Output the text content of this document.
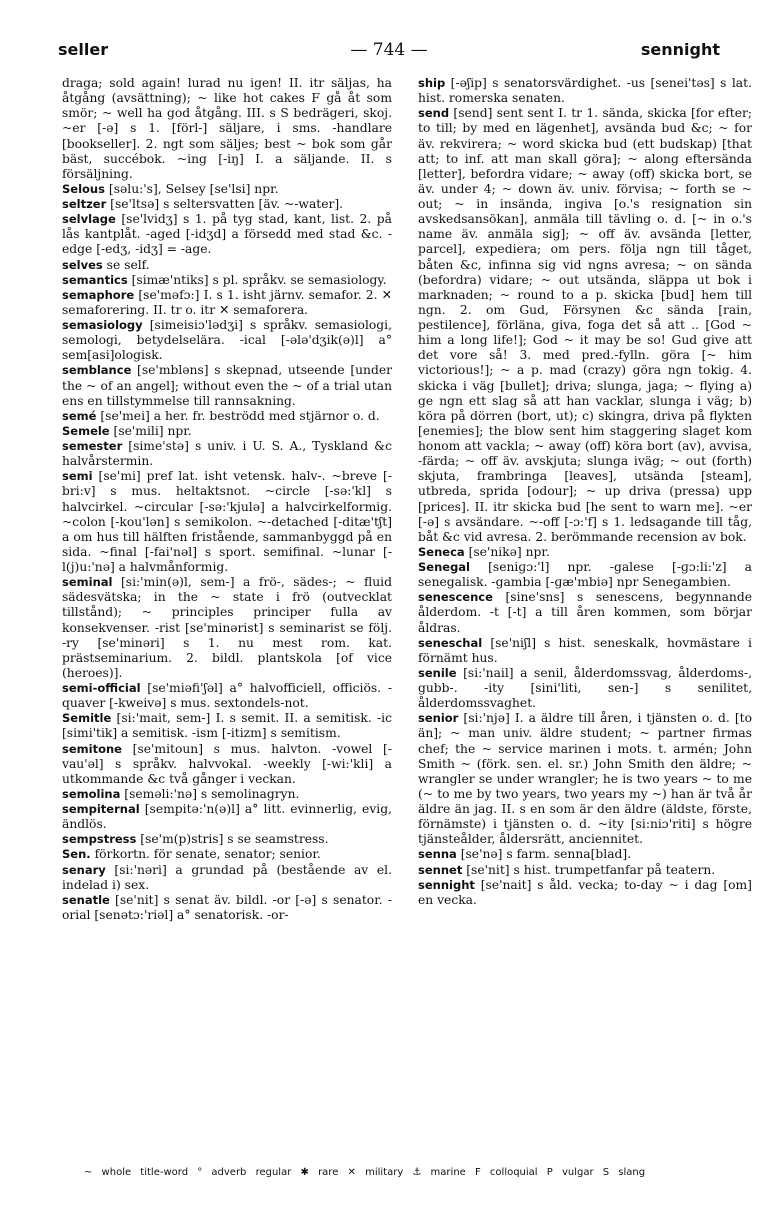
seller	— 744 —	sennight

draga; sold again! lurad nu igen! II. itr säljas, ha åtgång (avsättning); ~ like hot cakes F gå åt som smör; ~ well ha god åtgång. III. s S bedrägeri, skoj. ~er [-ə] s 1. [förl-] säljare, i sms. -handlare [bookseller]. 2. ngt som säljes; best ~ bok som går bäst, succébok. ~ing [-iŋ] I. a säljande. II. s försäljning.

Selous [səlu:'s], Selsey [se'lsi] npr.

seltzer [se'ltsə] s seltersvatten [äv. ~-water].

selvlage [se'lvidʒ] s 1. på tyg stad, kant, list. 2. på lås kantplåt. -aged [-idʒd] a försedd med stad &c. -edge [-edʒ, -idʒ] = -age.

selves se self.

semantics [simæ'ntiks] s pl. språkv. se semasiology.

semaphore [se'məfɔ:] I. s 1. isht järnv. semafor. 2. ✕ semaforering. II. tr o. itr ✕ semaforera.

semasiology [simeisiɔ'lədʒi] s språkv. semasiologi, semologi, betydelselära. -ical [-ələ'dʒik(ə)l] a° sem[asi]ologisk.

semblance [se'mbləns] s skepnad, utseende [under the ~ of an angel]; without even the ~ of a trial utan ens en tillstymmelse till rannsakning.

semé [se'mei] a her. fr. beströdd med stjärnor o. d.

Semele [se'mili] npr.

semester [sime'stə] s univ. i U. S. A., Tyskland &c halvårstermin.

semi [se'mi] pref lat. isht vetensk. halv-. ~breve [-bri:v] s mus. heltaktsnot. ~circle [-sə:'kl] s halvcirkel. ~circular [-sə:'kjulə] a halvcirkelformig. ~colon [-kou'lən] s semikolon. ~-detached [-ditæ'tʃt] a om hus till hälften fristående, sammanbyggd på en sida. ~final [-fai'nəl] s sport. semifinal. ~lunar [-l(j)u:'nə] a halvmånformig.

seminal [si:'min(ə)l, sem-] a frö-, sädes-; ~ fluid sädesvätska; in the ~ state i frö (outvecklat tillstånd); ~ principles principer fulla av konsekvenser. -rist [se'minərist] s seminarist se följ. -ry [se'minəri] s 1. nu mest rom. kat. prästseminarium. 2. bildl. plantskola [of vice (heroes)].

semi-official [se'miəfi'ʃəl] a° halvofficiell, officiös. -quaver [-kweivə] s mus. sextondels-not.

Semitle [si:'mait, sem-] I. s semit. II. a semitisk. -ic [simi'tik] a semitisk. -ism [-itizm] s semitism.

semitone [se'mitoun] s mus. halvton. -vowel [-vau'əl] s språkv. halvvokal. -weekly [-wi:'kli] a utkommande &c två gånger i veckan.

semolina [seməli:'nə] s semolinagryn.

sempiternal [sempitə:'n(ə)l] a° litt. evinnerlig, evig, ändlös.

sempstress [se'm(p)stris] s se seamstress.

Sen. förkortn. för senate, senator; senior.

senary [si:'nəri] a grundad på (bestående av el. indelad i) sex.

senatle [se'nit] s senat äv. bildl. -or [-ə] s senator. -orial [senətɔ:'riəl] a° senatorisk. -or-

ship [-əʃip] s senatorsvärdighet. -us [senei'təs] s lat. hist. romerska senaten.

send [send] sent sent I. tr 1. sända, skicka [for efter; to till; by med en lägenhet], avsända bud &c; ~ for äv. rekvirera; ~ word skicka bud (ett budskap) [that att; to inf. att man skall göra]; ~ along eftersända [letter], befordra vidare; ~ away (off) skicka bort, se äv. under 4; ~ down äv. univ. förvisa; ~ forth se ~ out; ~ in insända, ingiva [o.'s resignation sin avskedsansökan], anmäla till tävling o. d. [~ in o.'s name äv. anmäla sig]; ~ off äv. avsända [letter, parcel], expediera; om pers. följa ngn till tåget, båten &c, infinna sig vid ngns avresa; ~ on sända (befordra) vidare; ~ out utsända, släppa ut bok i marknaden; ~ round to a p. skicka [bud] hem till ngn. 2. om Gud, Försynen &c sända [rain, pestilence], förläna, giva, foga det så att .. [God ~ him a long life!]; God ~ it may be so! Gud give att det vore så! 3. med pred.-fylln. göra [~ him victorious!]; ~ a p. mad (crazy) göra ngn tokig. 4. skicka i väg [bullet]; driva; slunga, jaga; ~ flying a) ge ngn ett slag så att han vacklar, slunga i väg; b) köra på dörren (bort, ut); c) skingra, driva på flykten [enemies]; the blow sent him staggering slaget kom honom att vackla; ~ away (off) köra bort (av), avvisa, -färda; ~ off äv. avskjuta; slunga iväg; ~ out (forth) skjuta, frambringa [leaves], utsända [steam], utbreda, sprida [odour]; ~ up driva (pressa) upp [prices]. II. itr skicka bud [he sent to warn me]. ~er [-ə] s avsändare. ~-off [-ɔ:'f] s 1. ledsagande till tåg, båt &c vid avresa. 2. berömmande recension av bok.

Seneca [se'nikə] npr.

Senegal [seniɡɔ:'l] npr. -galese [-ɡɔ:li:'z] a senegalisk. -gambia [-ɡæ'mbiə] npr Senegambien.

senescence [sine'sns] s senescens, begynnande ålderdom. -t [-t] a till åren kommen, som börjar åldras.

seneschal [se'niʃl] s hist. seneskalk, hovmästare i förnämt hus.

senile [si:'nail] a senil, ålderdomssvag, ålderdoms-, gubb-. -ity [sini'liti, sen-] s senilitet, ålderdomssvaghet.

senior [si:'njə] I. a äldre till åren, i tjänsten o. d. [to än]; ~ man univ. äldre student; ~ partner firmas chef; the ~ service marinen i mots. t. armén; John Smith ~ (förk. sen. el. sr.) John Smith den äldre; ~ wrangler se under wrangler; he is two years ~ to me (~ to me by two years, two years my ~) han är två år äldre än jag. II. s en som är den äldre (äldste, förste, förnämste) i tjänsten o. d. ~ity [si:niɔ'riti] s högre tjänsteålder, åldersrätt, anciennitet.

senna [se'nə] s farm. senna[blad].

sennet [se'nit] s hist. trumpetfanfar på teatern.

sennight [se'nait] s åld. vecka; to-day ~ i dag [om] en vecka.

~ whole title-word ° adverb regular ✱ rare ✕ military ⚓ marine F colloquial P vulgar S slang
